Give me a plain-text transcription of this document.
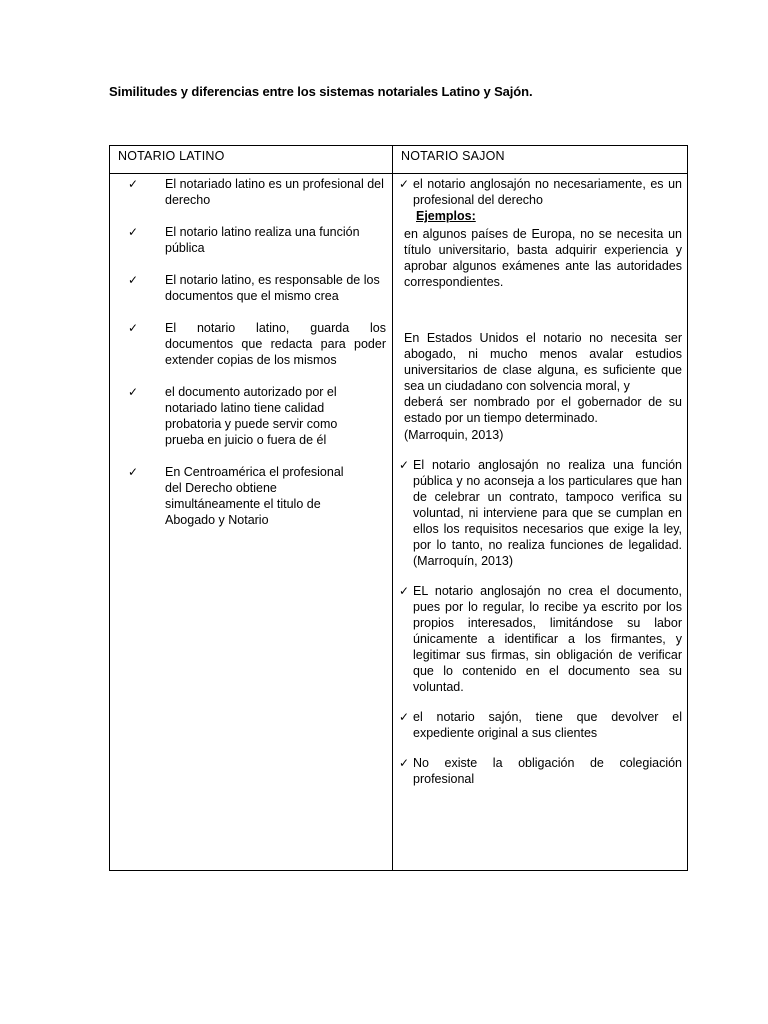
Similitudes y diferencias entre los sistemas notariales Latino y Sajón.
NOTARIO LATINO	NOTARIO SAJON
✓ El notariado latino es un profesional del derecho
✓ El notario latino realiza una función pública
✓ El notario latino, es responsable de los documentos que el mismo crea
✓ El notario latino, guarda los documentos que redacta para poder extender copias de los mismos
✓ el documento autorizado por el notariado latino tiene calidad probatoria y puede servir como prueba en juicio o fuera de él
✓ En Centroamérica el profesional del Derecho obtiene simultáneamente el titulo de Abogado y Notario
✓ el notario anglosajón no necesariamente, es un profesional del derecho
Ejemplos:
en algunos países de Europa, no se necesita un título universitario, basta adquirir experiencia y aprobar algunos exámenes ante las autoridades correspondientes.
En Estados Unidos el notario no necesita ser abogado, ni mucho menos avalar estudios universitarios de clase alguna, es suficiente que sea un ciudadano con solvencia moral, y
deberá ser nombrado por el gobernador de su estado por un tiempo determinado.
(Marroquin, 2013)
✓ El notario anglosajón no realiza una función pública y no aconseja a los particulares que han de celebrar un contrato, tampoco verifica su voluntad, ni interviene para que se cumplan en ellos los requisitos necesarios que exige la ley, por lo tanto, no realiza funciones de legalidad.(Marroquín, 2013)
✓ EL notario anglosajón no crea el documento, pues por lo regular, lo recibe ya escrito por los propios interesados, limitándose su labor únicamente a identificar a los firmantes, y legitimar sus firmas, sin obligación de verificar que lo contenido en el documento sea su voluntad.
✓ el notario sajón, tiene que devolver el expediente original a sus clientes
✓ No existe la obligación de colegiación profesional
